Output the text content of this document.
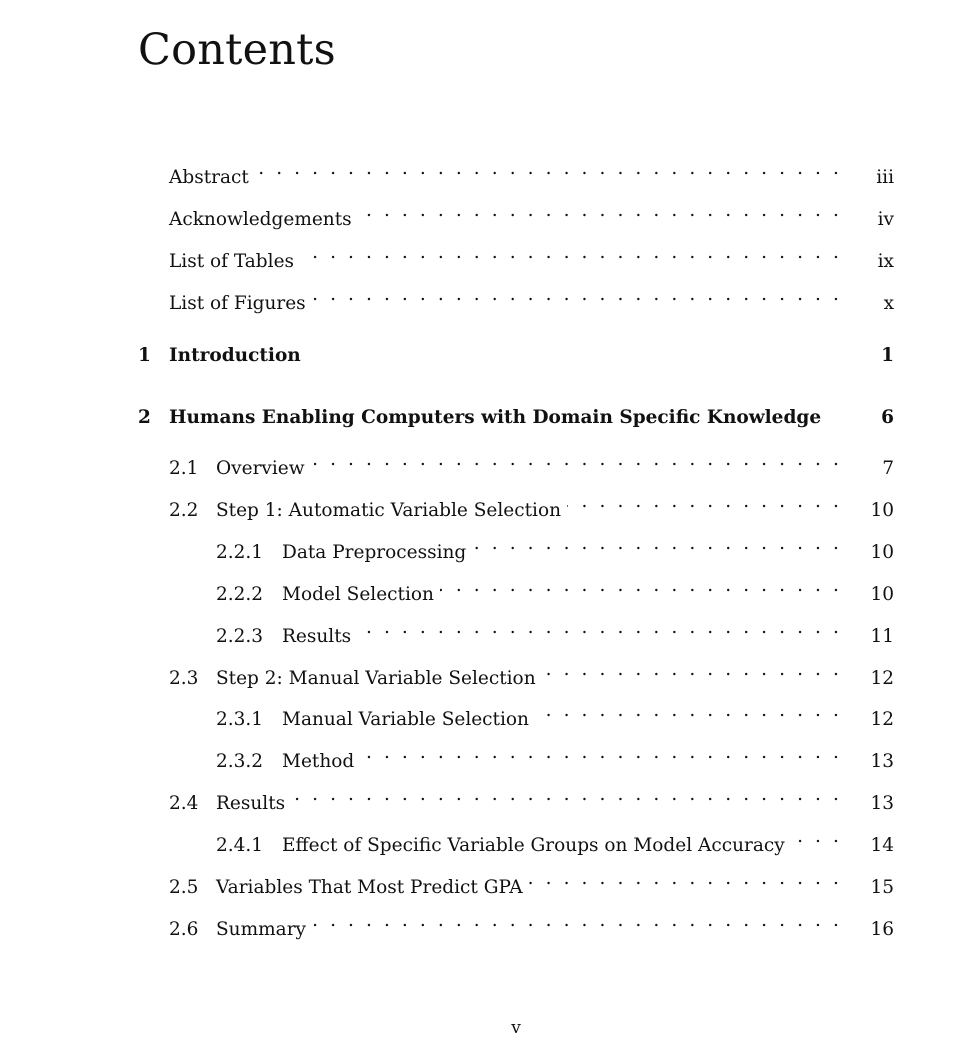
Contents
Abstract . . .	iii
Acknowledgements . . .	iv
List of Tables . . .	ix
List of Figures . . .	x
1 Introduction	1
2 Humans Enabling Computers with Domain Specific Knowledge	6
2.1 Overview . . .	7
2.2 Step 1: Automatic Variable Selection . . .	10
2.2.1	Data Preprocessing . . .	10
2.2.2	Model Selection . . .	10
2.2.3	Results . . .	11
2.3 Step 2: Manual Variable Selection . . .	12
2.3.1	Manual Variable Selection . . .	12
2.3.2	Method . . .	13
2.4 Results . . .	13
2.4.1	Effect of Specific Variable Groups on Model Accuracy . . .	14
2.5 Variables That Most Predict GPA . . .	15
2.6 Summary . . .	16
v
